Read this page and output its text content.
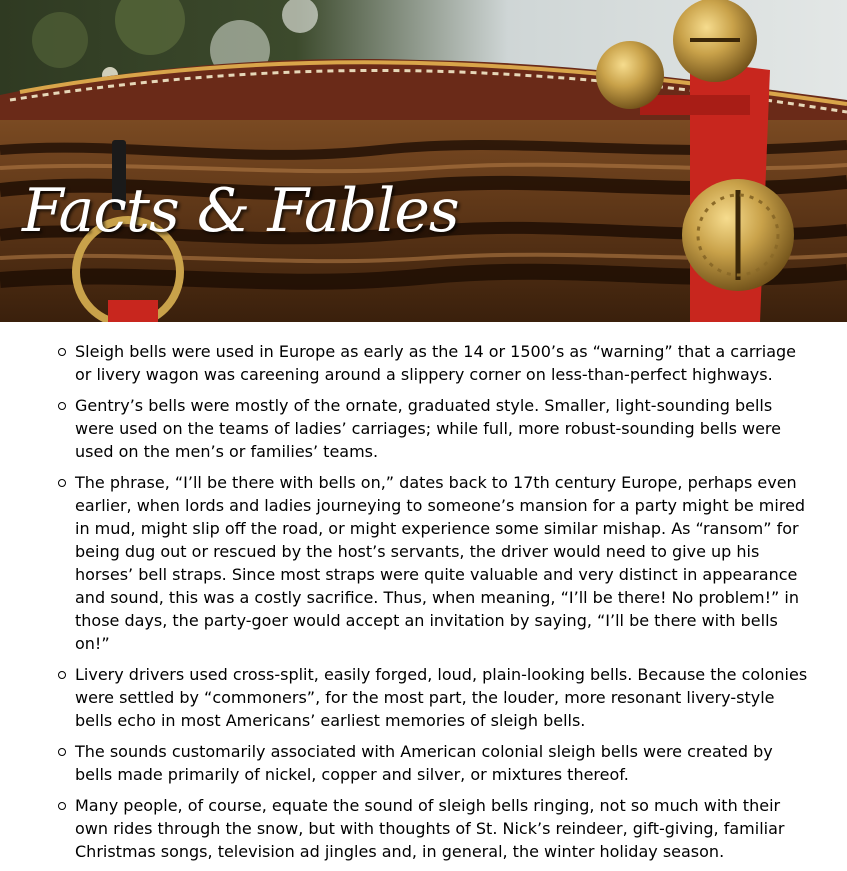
Facts & Fables
Sleigh bells were used in Europe as early as the 14 or 1500’s as “warning” that a carriage or livery wagon was careening around a slippery corner on less-than-perfect highways.
Gentry’s bells were mostly of the ornate, graduated style. Smaller, light-sounding bells were used on the teams of ladies’ carriages; while full, more robust-sounding bells were used on the men’s or families’ teams.
The phrase, “I’ll be there with bells on,” dates back to 17th century Europe, perhaps even earlier, when lords and ladies journeying to someone’s mansion for a party might be mired in mud, might slip off the road, or might experience some similar mishap. As “ransom” for being dug out or rescued by the host’s servants, the driver would need to give up his horses’ bell straps. Since most straps were quite valuable and very distinct in appearance and sound, this was a costly sacrifice. Thus, when meaning, “I’ll be there! No problem!” in those days, the party-goer would accept an invitation by saying, “I’ll be there with bells on!”
Livery drivers used cross-split, easily forged, loud, plain-looking bells. Because the colonies were settled by “commoners”, for the most part, the louder, more resonant livery-style bells echo in most Americans’ earliest memories of sleigh bells.
The sounds customarily associated with American colonial sleigh bells were created by bells made primarily of nickel, copper and silver, or mixtures thereof.
Many people, of course, equate the sound of sleigh bells ringing, not so much with their own rides through the snow, but with thoughts of St. Nick’s reindeer, gift-giving, familiar Christmas songs, television ad jingles and, in general, the winter holiday season.
